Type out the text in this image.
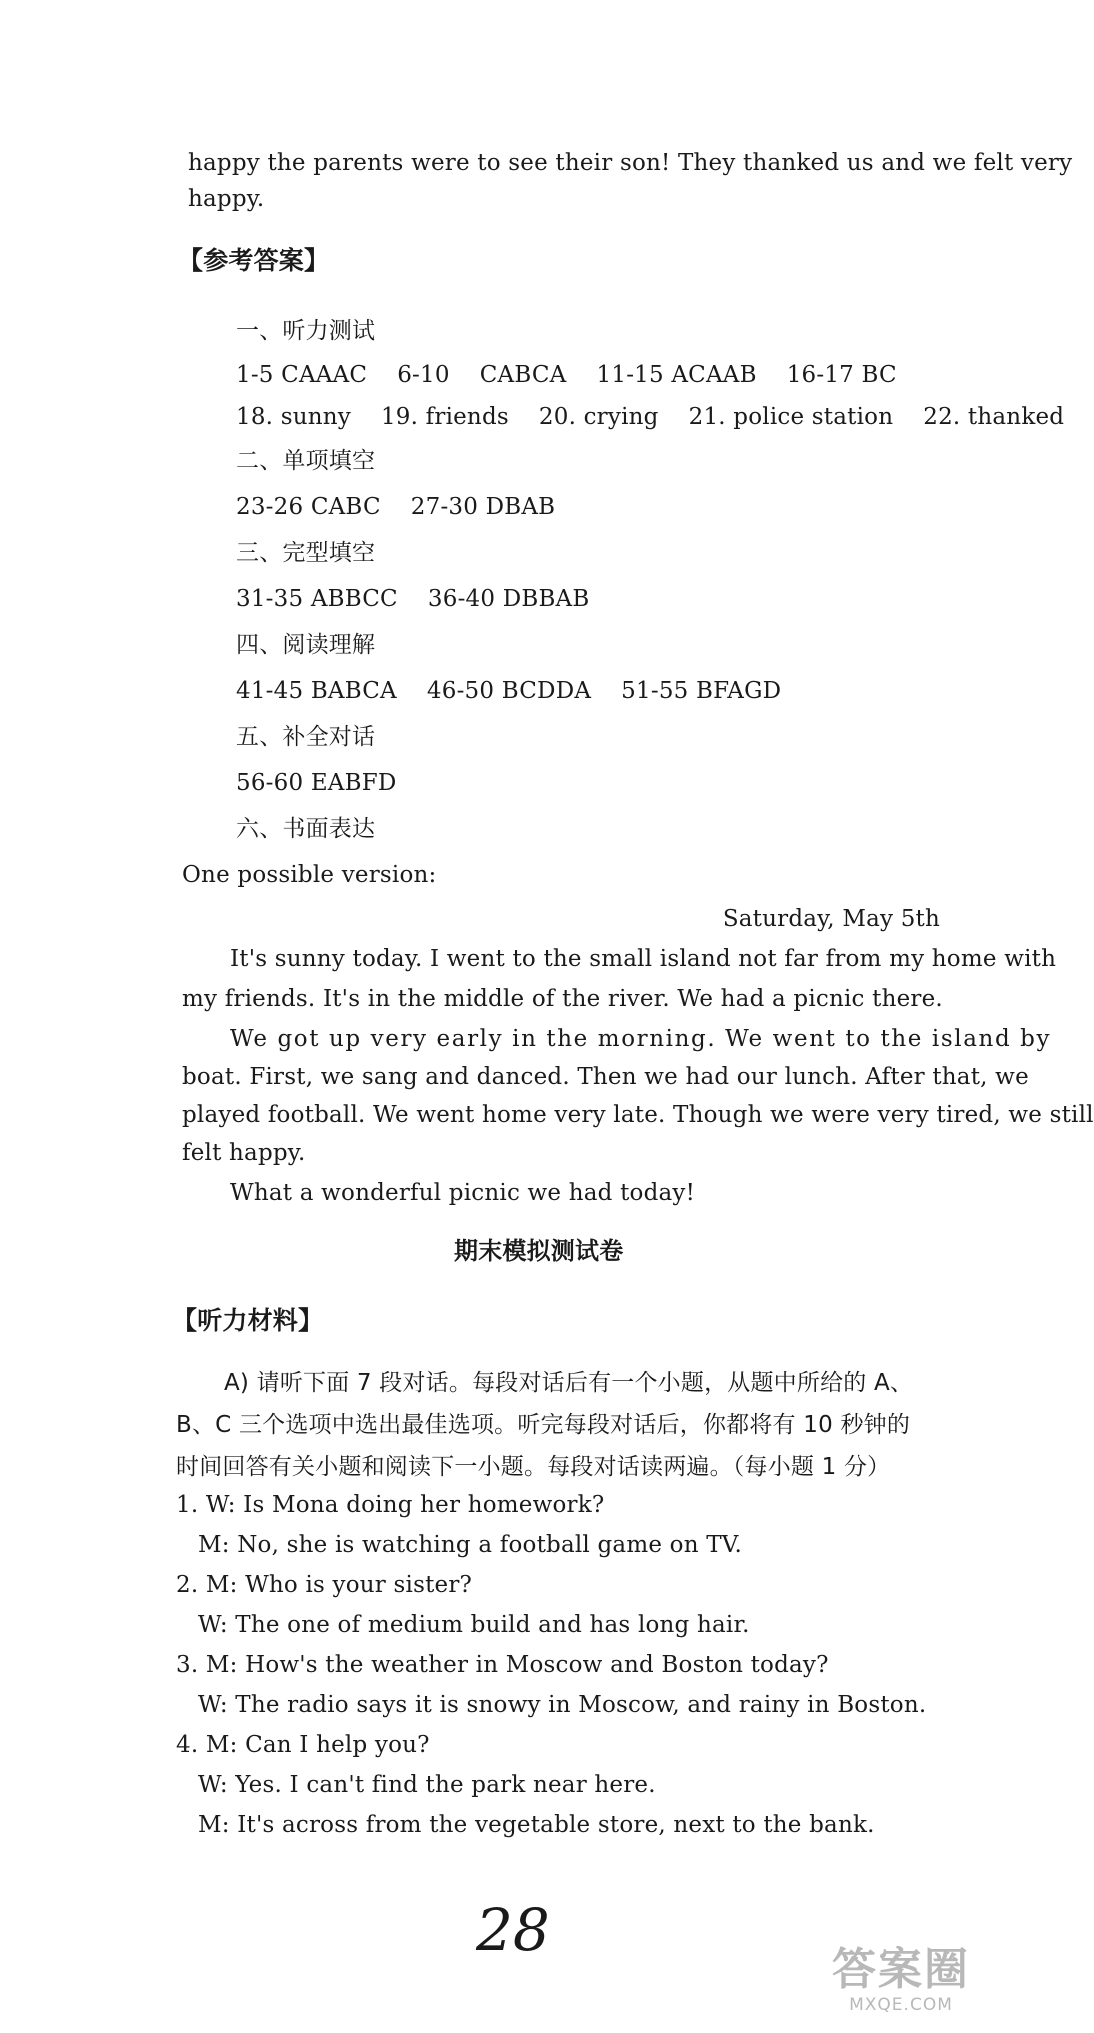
happy the parents were to see their son! They thanked us and we felt very
happy.
【参考答案】
一、听力测试
1-5 CAAAC    6-10    CABCA    11-15 ACAAB    16-17 BC
18. sunny    19. friends    20. crying    21. police station    22. thanked
二、单项填空
23-26 CABC    27-30 DBAB
三、完型填空
31-35 ABBCC    36-40 DBBAB
四、阅读理解
41-45 BABCA    46-50 BCDDA    51-55 BFAGD
五、补全对话
56-60 EABFD
六、书面表达
One possible version:
Saturday, May 5th
It's sunny today. I went to the small island not far from my home with
my friends. It's in the middle of the river. We had a picnic there.
We got up very early in the morning. We went to the island by
boat. First, we sang and danced. Then we had our lunch. After that, we
played football. We went home very late. Though we were very tired, we still
felt happy.
What a wonderful picnic we had today!
期末模拟测试卷
【听力材料】
A) 请听下面 7 段对话。每段对话后有一个小题，从题中所给的 A、
B、C 三个选项中选出最佳选项。听完每段对话后，你都将有 10 秒钟的
时间回答有关小题和阅读下一小题。每段对话读两遍。（每小题 1 分）
1. W: Is Mona doing her homework?
M: No, she is watching a football game on TV.
2. M: Who is your sister?
W: The one of medium build and has long hair.
3. M: How's the weather in Moscow and Boston today?
W: The radio says it is snowy in Moscow, and rainy in Boston.
4. M: Can I help you?
W: Yes. I can't find the park near here.
M: It's across from the vegetable store, next to the bank.
28
答案圈
MXQE.COM
